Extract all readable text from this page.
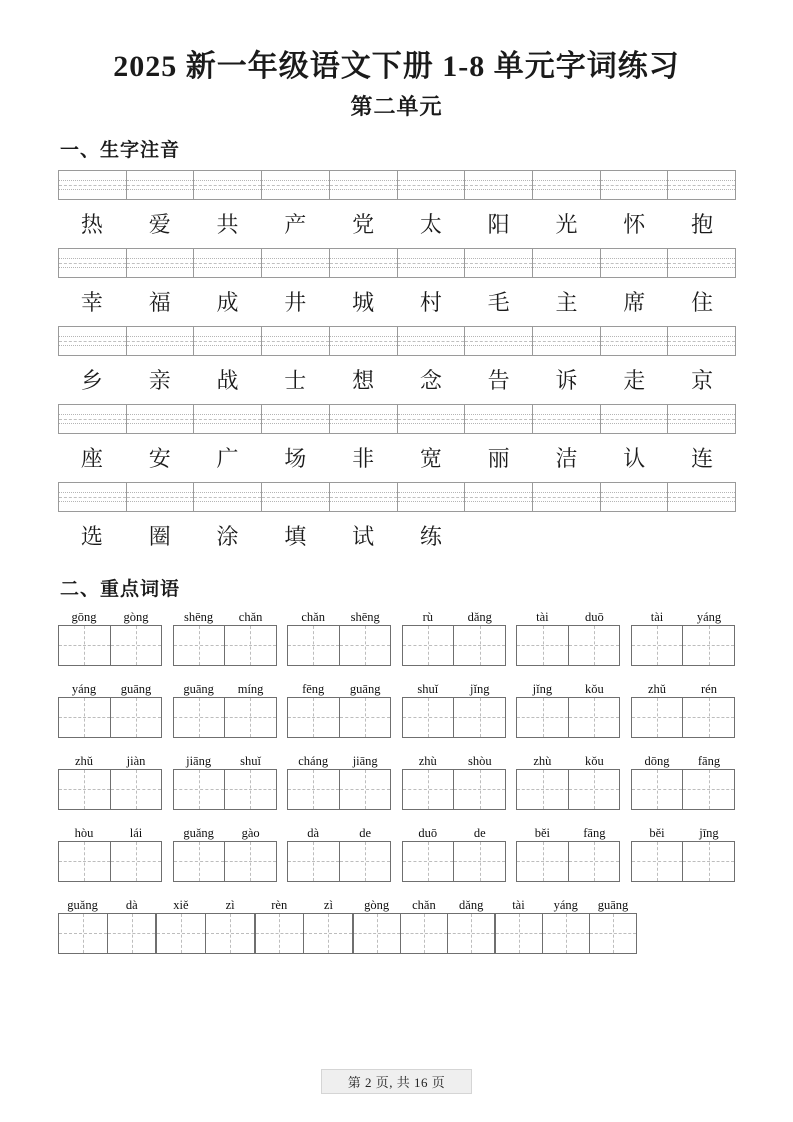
2025 新一年级语文下册 1-8 单元字词练习
第二单元
一、生字注音
热	爱	共	产	党	太	阳	光	怀	抱
幸	福	成	井	城	村	毛	主	席	住
乡	亲	战	士	想	念	告	诉	走	京
座	安	广	场	非	宽	丽	洁	认	连
选	圈	涂	填	试	练
二、重点词语
gōng	gòng	shēng	chǎn	chǎn	shēng	rù	dǎng	tài	duō	tài	yáng
yáng	guāng	guāng	míng	fēng	guāng	shuǐ	jǐng	jǐng	kǒu	zhǔ	rén
zhǔ	jiàn	jiāng	shuǐ	cháng	jiāng	zhù	shòu	zhù	kǒu	dōng	fāng
hòu	lái	guǎng	gào	dà	de	duō	de	běi	fāng	běi	jīng
guǎng	dà	xiě	zì	rèn	zì	gòng	chǎn	dǎng	tài	yáng	guāng
第 2 页, 共 16 页
